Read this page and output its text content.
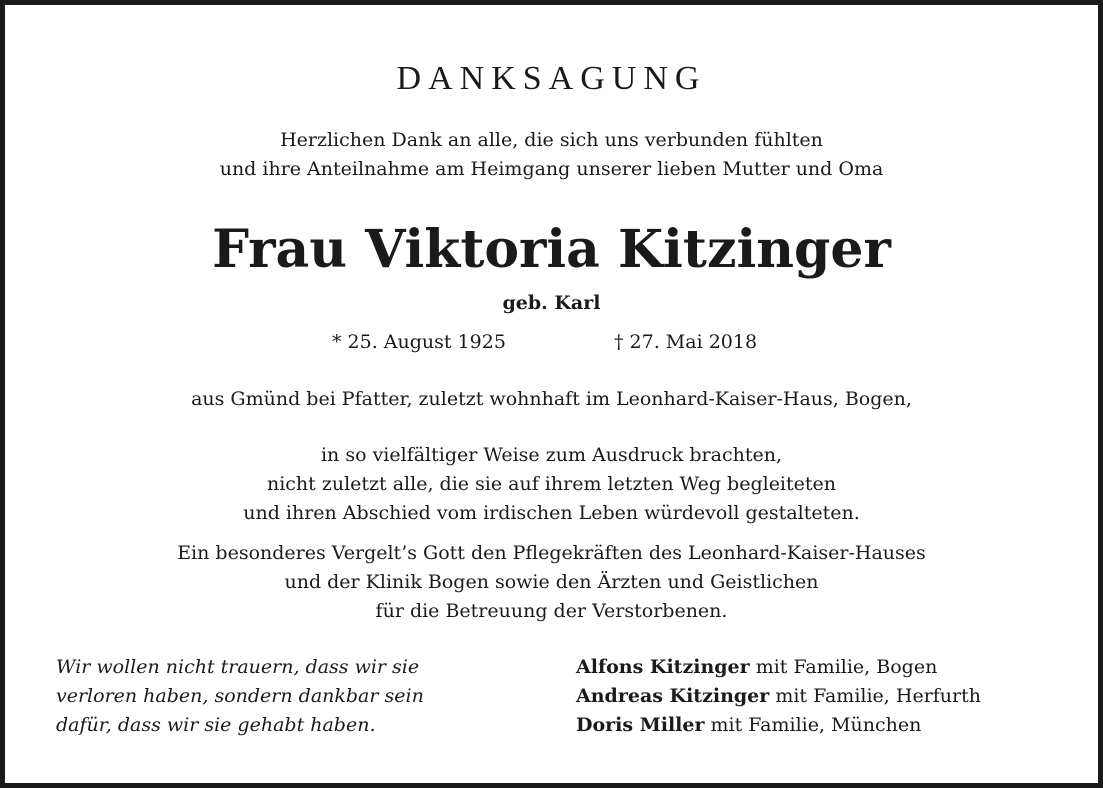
DANKSAGUNG
Herzlichen Dank an alle, die sich uns verbunden fühlten
und ihre Anteilnahme am Heimgang unserer lieben Mutter und Oma
Frau Viktoria Kitzinger
geb. Karl
* 25. August 1925	† 27. Mai 2018
aus Gmünd bei Pfatter, zuletzt wohnhaft im Leonhard-Kaiser-Haus, Bogen,
in so vielfältiger Weise zum Ausdruck brachten,
nicht zuletzt alle, die sie auf ihrem letzten Weg begleiteten
und ihren Abschied vom irdischen Leben würdevoll gestalteten.
Ein besonderes Vergelt’s Gott den Pflegekräften des Leonhard-Kaiser-Hauses
und der Klinik Bogen sowie den Ärzten und Geistlichen
für die Betreuung der Verstorbenen.
Wir wollen nicht trauern, dass wir sie
verloren haben, sondern dankbar sein
dafür, dass wir sie gehabt haben.
Alfons Kitzinger mit Familie, Bogen
Andreas Kitzinger mit Familie, Herfurth
Doris Miller mit Familie, München
